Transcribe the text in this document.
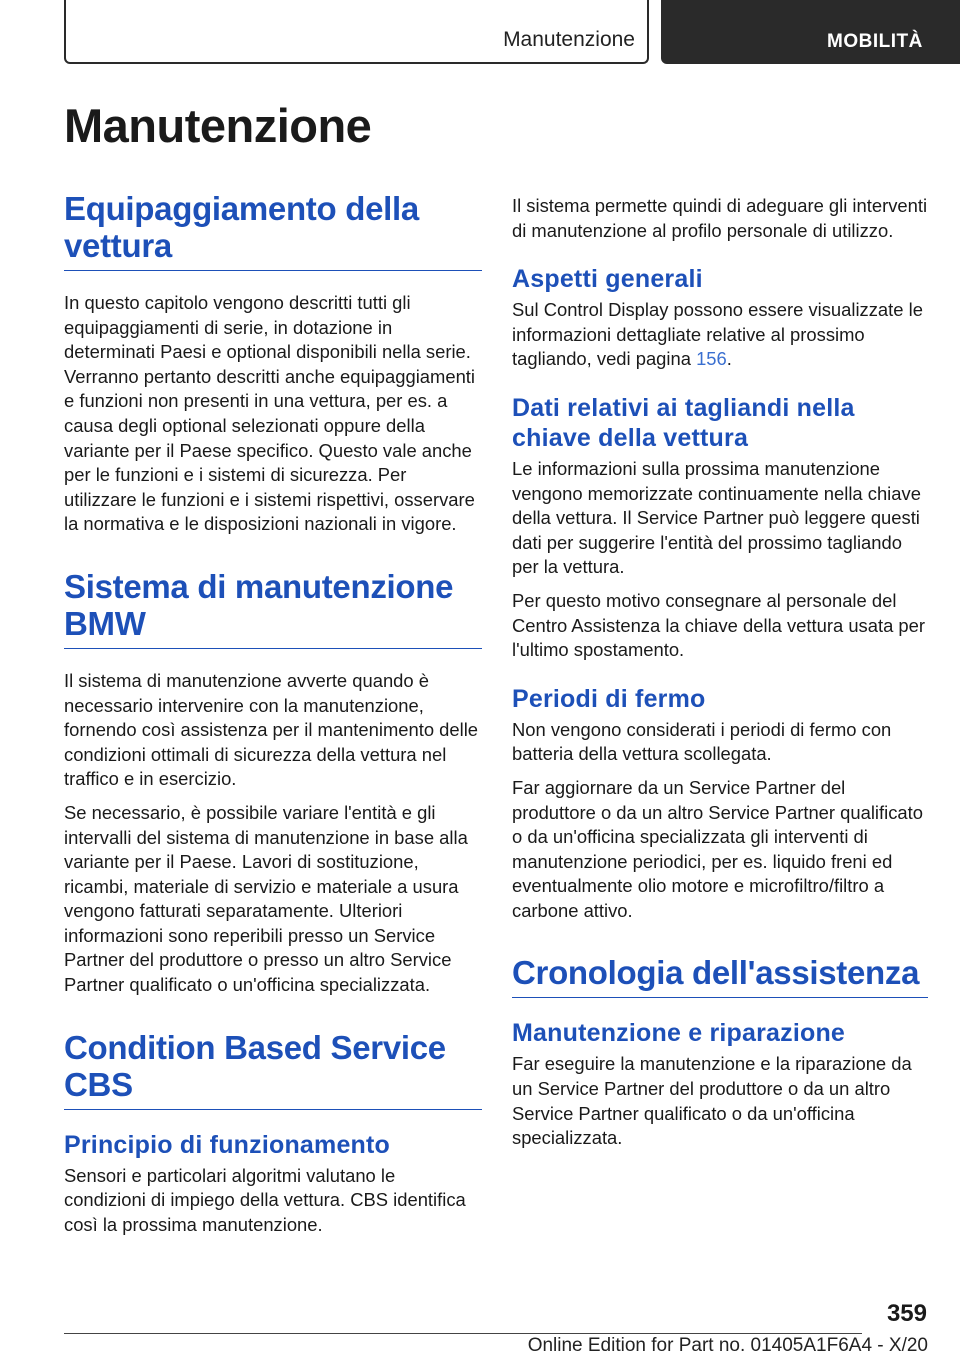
Manutenzione	MOBILITÀ
Manutenzione
Equipaggiamento della vettura

In questo capitolo vengono descritti tutti gli equipaggiamenti di serie, in dotazione in determinati Paesi e optional disponibili nella serie. Verranno pertanto descritti anche equipaggiamenti e funzioni non presenti in una vettura, per es. a causa degli optional selezionati oppure della variante per il Paese specifico. Questo vale anche per le funzioni e i sistemi di sicurezza. Per utilizzare le funzioni e i sistemi rispettivi, osservare la normativa e le disposizioni nazionali in vigore.

Sistema di manutenzione BMW

Il sistema di manutenzione avverte quando è necessario intervenire con la manutenzione, fornendo così assistenza per il mantenimento delle condizioni ottimali di sicurezza della vettura nel traffico e in esercizio.

Se necessario, è possibile variare l'entità e gli intervalli del sistema di manutenzione in base alla variante per il Paese. Lavori di sostituzione, ricambi, materiale di servizio e materiale a usura vengono fatturati separatamente. Ulteriori informazioni sono reperibili presso un Service Partner del produttore o presso un altro Service Partner qualificato o un'officina specializzata.

Condition Based Service CBS
Principio di funzionamento

Sensori e particolari algoritmi valutano le condizioni di impiego della vettura. CBS identifica così la prossima manutenzione.

Il sistema permette quindi di adeguare gli interventi di manutenzione al profilo personale di utilizzo.

Aspetti generali

Sul Control Display possono essere visualizzate le informazioni dettagliate relative al prossimo tagliando, vedi pagina 156.

Dati relativi ai tagliandi nella chiave della vettura

Le informazioni sulla prossima manutenzione vengono memorizzate continuamente nella chiave della vettura. Il Service Partner può leggere questi dati per suggerire l'entità del prossimo tagliando per la vettura.

Per questo motivo consegnare al personale del Centro Assistenza la chiave della vettura usata per l'ultimo spostamento.

Periodi di fermo

Non vengono considerati i periodi di fermo con batteria della vettura scollegata.

Far aggiornare da un Service Partner del produttore o da un altro Service Partner qualificato o da un'officina specializzata gli interventi di manutenzione periodici, per es. liquido freni ed eventualmente olio motore e microfiltro/filtro a carbone attivo.

Cronologia dell'assistenza
Manutenzione e riparazione

Far eseguire la manutenzione e la riparazione da un Service Partner del produttore o da un altro Service Partner qualificato o da un'officina specializzata.

359
Online Edition for Part no. 01405A1F6A4 - X/20
